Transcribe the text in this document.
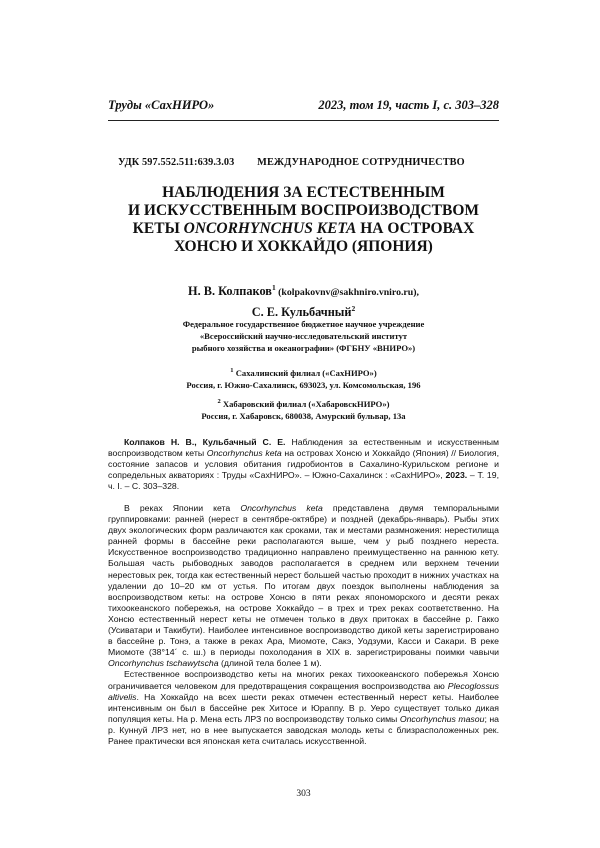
Труды «СахНИРО»	2023, том 19, часть I, с. 303–328
УДК 597.552.511:639.3.03 МЕЖДУНАРОДНОЕ СОТРУДНИЧЕСТВО
НАБЛЮДЕНИЯ ЗА ЕСТЕСТВЕННЫМ
И ИСКУССТВЕННЫМ ВОСПРОИЗВОДСТВОМ
КЕТЫ ONCORHYNCHUS KETA НА ОСТРОВАХ
ХОНСЮ И ХОККАЙДО (ЯПОНИЯ)
Н. В. Колпаков$^1$ (kolpakovnv@sakhniro.vniro.ru),
С. Е. Кульбачный$^2$
Федеральное государственное бюджетное научное учреждение
«Всероссийский научно-исследовательский институт
рыбного хозяйства и океанографии» (ФГБНУ «ВНИРО»)
$^1$ Сахалинский филиал («СахНИРО»)
Россия, г. Южно-Сахалинск, 693023, ул. Комсомольская, 196
$^2$ Хабаровский филиал («ХабаровскНИРО»)
Россия, г. Хабаровск, 680038, Амурский бульвар, 13а

Колпаков Н. В., Кульбачный С. Е. Наблюдения за естественным и искусственным воспроизводством кеты Oncorhynchus keta на островах Хонсю и Хоккайдо (Япония) // Биология, состояние запасов и условия обитания гидробионтов в Сахалино-Курильском регионе и сопредельных акваториях : Труды «СахНИРО». – Южно-Сахалинск : «СахНИРО», 2023. – Т. 19, ч. I. – С. 303–328.

В реках Японии кета Oncorhynchus keta представлена двумя темпоральными группировками: ранней (нерест в сентябре-октябре) и поздней (декабрь-январь). Рыбы этих двух экологических форм различаются как сроками, так и местами размножения: нерестилища ранней формы в бассейне реки располагаются выше, чем у рыб позднего нереста. Искусственное воспроизводство традиционно направлено преимущественно на раннюю кету. Большая часть рыбоводных заводов располагается в среднем или верхнем течении нерестовых рек, тогда как естественный нерест большей частью проходит в нижних участках на удалении до 10–20 км от устья. По итогам двух поездок выполнены наблюдения за воспроизводством кеты: на острове Хонсю в пяти реках япономорского и десяти реках тихоокеанского побережья, на острове Хоккайдо – в трех и трех реках соответственно. На Хонсю естественный нерест кеты не отмечен только в двух притоках в бассейне р. Гакко (Усиватари и Такибути). Наиболее интенсивное воспроизводство дикой кеты зарегистрировано в бассейне р. Тонэ, а также в реках Ара, Миомоте, Сакэ, Уодзуми, Касси и Сакари. В реке Миомоте (38°14´ с. ш.) в периоды похолодания в XIX в. зарегистрированы поимки чавычи Oncorhynchus tschawytscha (длиной тела более 1 м).

Естественное воспроизводство кеты на многих реках тихоокеанского побережья Хонсю ограничивается человеком для предотвращения сокращения воспроизводства аю Plecoglossus altivelis. На Хоккайдо на всех шести реках отмечен естественный нерест кеты. Наиболее интенсивным он был в бассейне рек Хитосе и Юраппу. В р. Уеро существует только дикая популяция кеты. На р. Мена есть ЛРЗ по воспроизводству только симы Oncorhynchus masou; на р. Куннуй ЛРЗ нет, но в нее выпускается заводская молодь кеты с близрасположенных рек. Ранее практически вся японская кета считалась искусственной.

303
